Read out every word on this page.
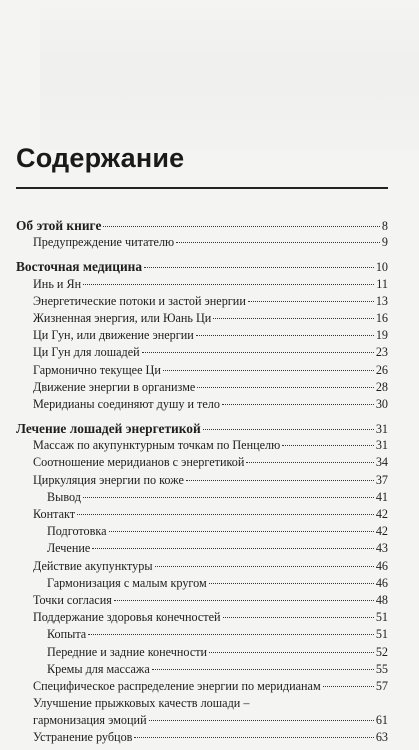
Содержание
Об этой книге	8
Предупреждение читателю	9
Восточная медицина	10
Инь и Ян	11
Энергетические потоки и застой энергии	13
Жизненная энергия, или Юань Ци	16
Ци Гун, или движение энергии	19
Ци Гун для лошадей	23
Гармонично текущее Ци	26
Движение энергии в организме	28
Меридианы соединяют душу и тело	30
Лечение лошадей энергетикой	31
Массаж по акупунктурным точкам по Пенцелю	31
Соотношение меридианов с энергетикой	34
Циркуляция энергии по коже	37
Вывод	41
Контакт	42
Подготовка	42
Лечение	43
Действие акупунктуры	46
Гармонизация с малым кругом	46
Точки согласия	48
Поддержание здоровья конечностей	51
Копыта	51
Передние и задние конечности	52
Кремы для массажа	55
Специфическое распределение энергии по меридианам	57
Улучшение прыжковых качеств лошади –
гармонизация эмоций	61
Устранение рубцов	63
